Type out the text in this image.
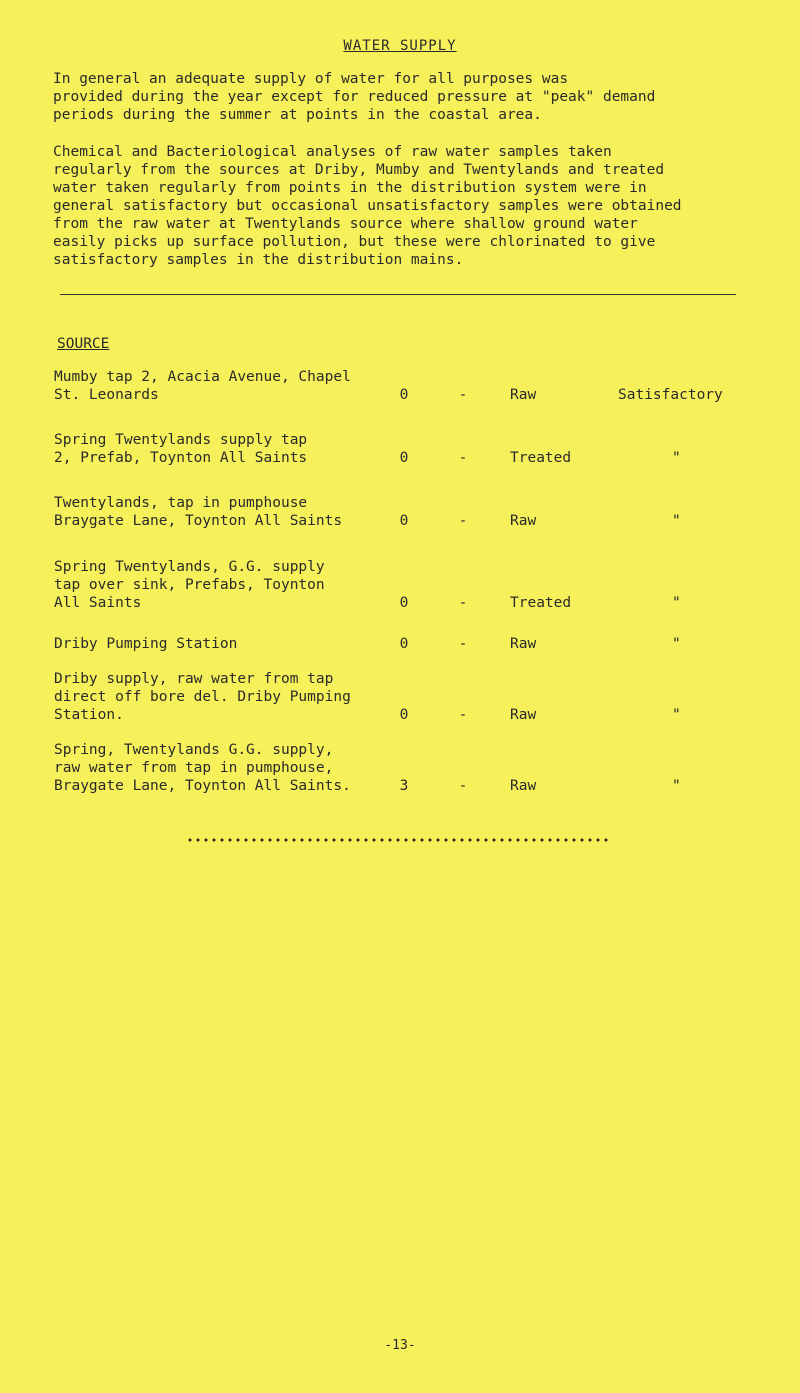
WATER SUPPLY
In general an adequate supply of water for all purposes was
provided during the year except for reduced pressure at "peak" demand
periods during the summer at points in the coastal area.
Chemical and Bacteriological analyses of raw water samples taken
regularly from the sources at Driby, Mumby and Twentylands and treated
water taken regularly from points in the distribution system were in
general satisfactory but occasional unsatisfactory samples were obtained
from the raw water at Twentylands source where shallow ground water
easily picks up surface pollution, but these were chlorinated to give
satisfactory samples in the distribution mains.
SOURCE
Mumby tap 2, Acacia Avenue, Chapel
St. Leonards	0	-	Raw	Satisfactory
Spring Twentylands supply tap
2, Prefab, Toynton All Saints	0	-	Treated	"
Twentylands, tap in pumphouse
Braygate Lane, Toynton All Saints	0	-	Raw	"
Spring Twentylands, G.G. supply
tap over sink, Prefabs, Toynton
All Saints	0	-	Treated	"
Driby Pumping Station	0	-	Raw	"
Driby supply, raw water from tap
direct off bore del. Driby Pumping
Station.	0	-	Raw	"
Spring, Twentylands G.G. supply,
raw water from tap in pumphouse,
Braygate Lane, Toynton All Saints.	3	-	Raw	"
-13-
